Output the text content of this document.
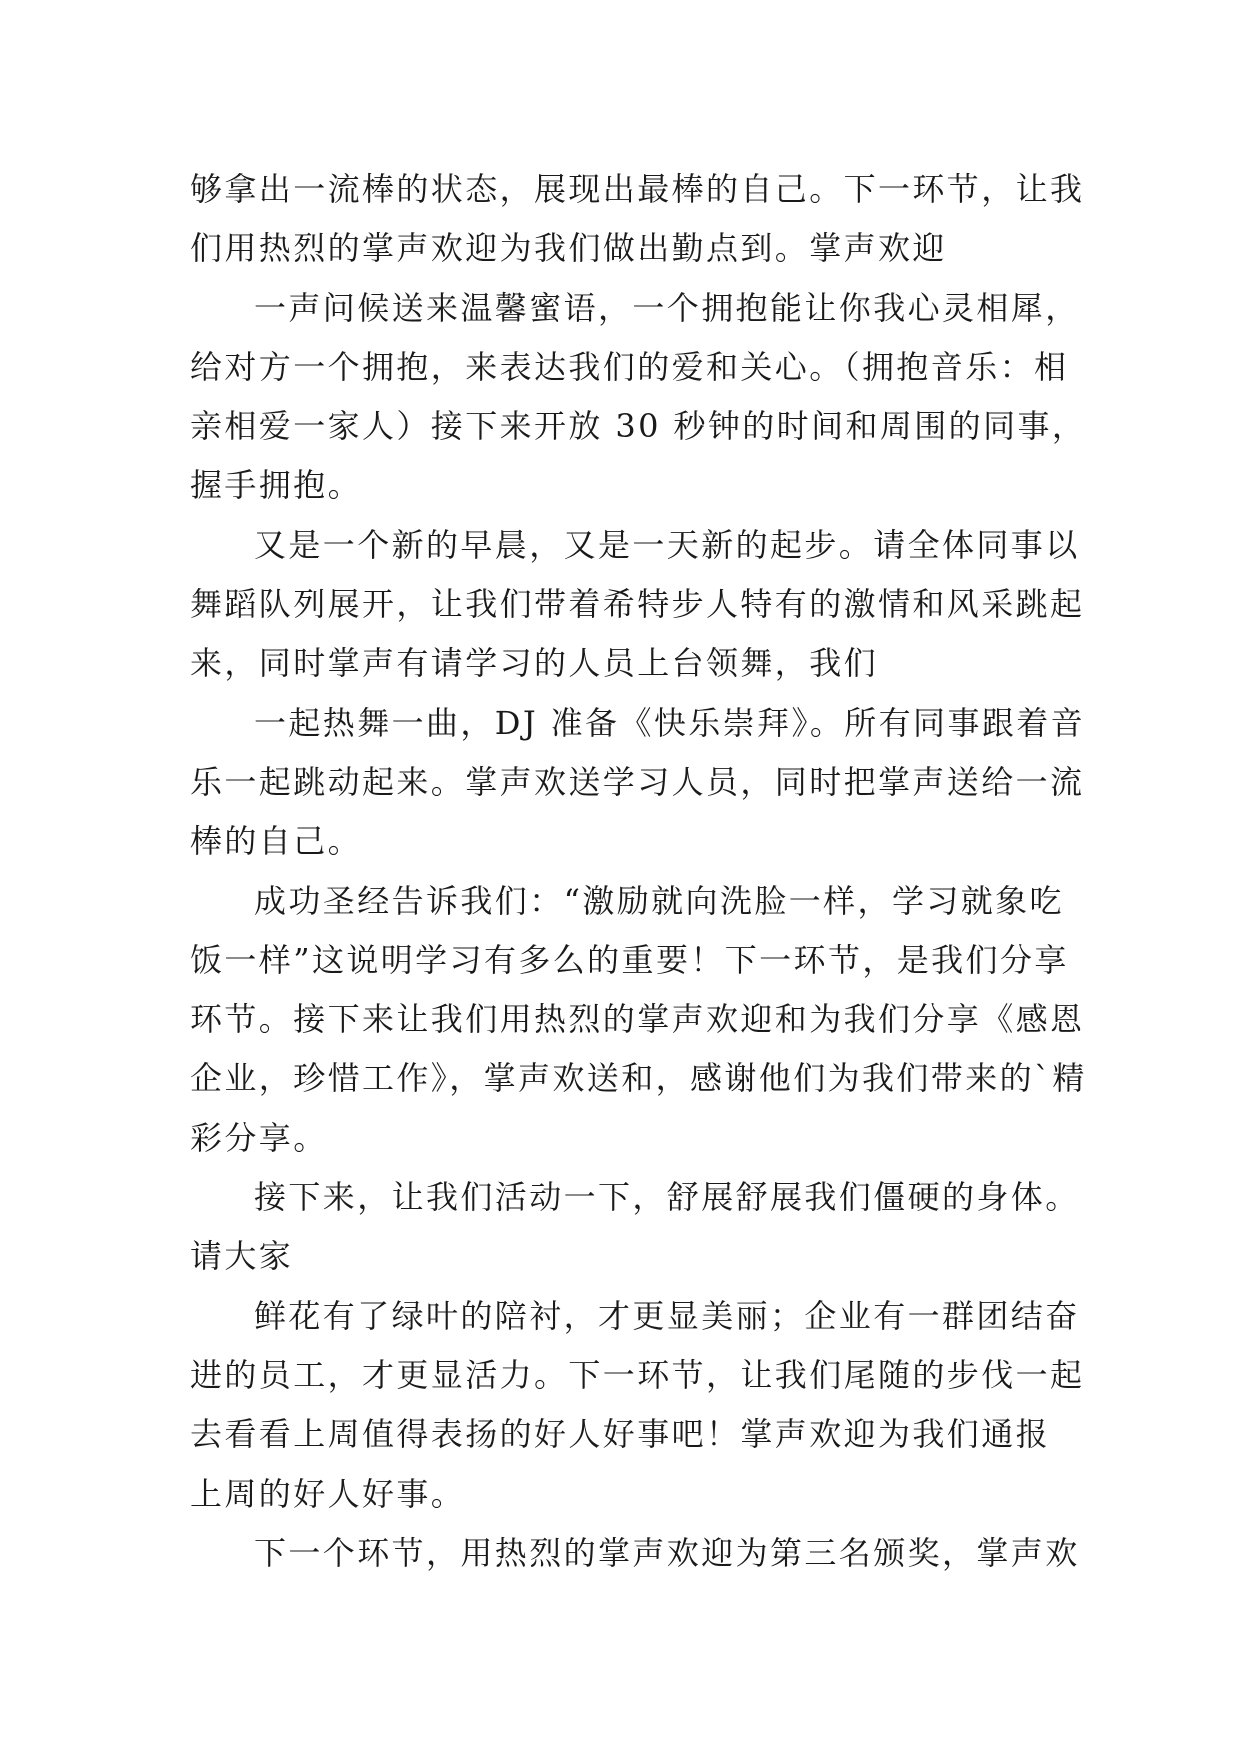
够拿出一流棒的状态，展现出最棒的自己。下一环节，让我
们用热烈的掌声欢迎为我们做出勤点到。掌声欢迎
一声问候送来温馨蜜语，一个拥抱能让你我心灵相犀，
给对方一个拥抱，来表达我们的爱和关心。（拥抱音乐：相
亲相爱一家人）接下来开放 30 秒钟的时间和周围的同事，
握手拥抱。
又是一个新的早晨，又是一天新的起步。请全体同事以
舞蹈队列展开，让我们带着希特步人特有的激情和风采跳起
来，同时掌声有请学习的人员上台领舞，我们
一起热舞一曲，DJ 准备《快乐崇拜》。所有同事跟着音
乐一起跳动起来。掌声欢送学习人员，同时把掌声送给一流
棒的自己。
成功圣经告诉我们：“激励就向洗脸一样，学习就象吃
饭一样”这说明学习有多么的重要！下一环节，是我们分享
环节。接下来让我们用热烈的掌声欢迎和为我们分享《感恩
企业，珍惜工作》，掌声欢送和，感谢他们为我们带来的`精
彩分享。
接下来，让我们活动一下，舒展舒展我们僵硬的身体。
请大家
鲜花有了绿叶的陪衬，才更显美丽；企业有一群团结奋
进的员工，才更显活力。下一环节，让我们尾随的步伐一起
去看看上周值得表扬的好人好事吧！掌声欢迎为我们通报
上周的好人好事。
下一个环节，用热烈的掌声欢迎为第三名颁奖，掌声欢
